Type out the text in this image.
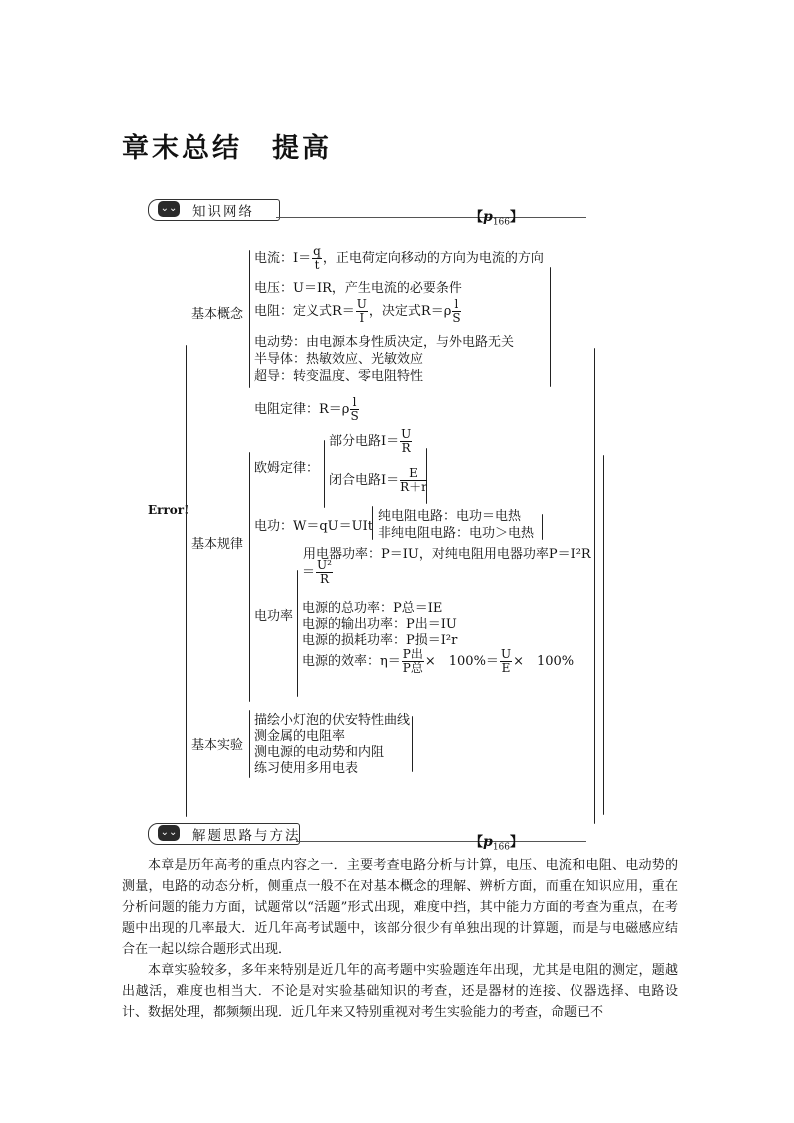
章末总结 提高
⌄⌄ 知识网络	【$p_{166}$】
Error!
基本概念
电流：$I= \frac{q}{t}$ ，正电荷定向移动的方向为电流的方向
电压：U＝IR，产生电流的必要条件
电阻：定义式$R= \frac{U}{I}$ ，决定式$R=\rho \frac{l}{S}$
电动势：由电源本身性质决定，与外电路无关
半导体：热敏效应、光敏效应
超导：转变温度、零电阻特性
电阻定律：$R=\rho \frac{l}{S}$
基本规律
欧姆定律：
部分电路$I= \frac{U}{R}$
闭合电路$I= \frac{E}{R+r}$
电功：W＝qU＝UIt
纯电阻电路：电功＝电热
非纯电阻电路：电功＞电热
用电器功率：P＝IU，对纯电阻用电器功率P＝I²R
电功率
＝ $\frac{\text{U²}}{R}$
电源的总功率：P总＝IE
电源的输出功率：P出＝IU
电源的损耗功率：P损＝I²r
电源的效率：$\eta= \frac{\text{P出}}{\text{P总}}$ ×　$100\%= \frac{U}{E}$ ×　100%
基本实验
描绘小灯泡的伏安特性曲线
测金属的电阻率
测电源的电动势和内阻
练习使用多用电表
⌄⌄ 解题思路与方法	【$p_{166}$】
本章是历年高考的重点内容之一．主要考查电路分析与计算，电压、电流和电阻、电动势的测量，电路的动态分析，侧重点一般不在对基本概念的理解、辨析方面，而重在知识应用，重在分析问题的能力方面，试题常以“活题”形式出现，难度中挡，其中能力方面的考查为重点，在考题中出现的几率最大．近几年高考试题中，该部分很少有单独出现的计算题，而是与电磁感应结合在一起以综合题形式出现．
本章实验较多，多年来特别是近几年的高考题中实验题连年出现，尤其是电阻的测定，题越出越活，难度也相当大．不论是对实验基础知识的考查，还是器材的连接、仪器选择、电路设计、数据处理，都频频出现．近几年来又特别重视对考生实验能力的考查，命题已不
